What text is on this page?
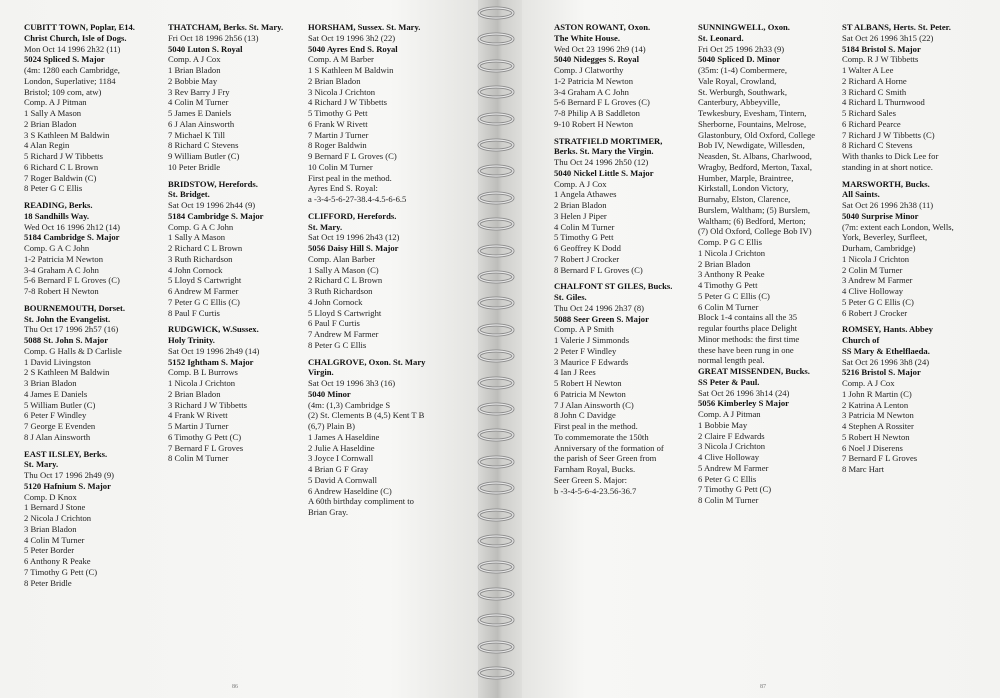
CUBITT TOWN, Poplar, E14.

Christ Church, Isle of Dogs.

Mon Oct 14 1996 2h32 (11)

5024 Spliced S. Major

(4m: 1280 each Cambridge,

London, Superlative; 1184

Bristol; 109 com, atw)

Comp. A J Pitman

1 Sally A Mason

2 Brian Bladon

3 S Kathleen M Baldwin

4 Alan Regin

5 Richard J W Tibbetts

6 Richard C L Brown

7 Roger Baldwin (C)

8 Peter G C Ellis

READING, Berks.

18 Sandhills Way.

Wed Oct 16 1996 2h12 (14)

5184 Cambridge S. Major

Comp. G A C John

1-2 Patricia M Newton

3-4 Graham A C John

5-6 Bernard F L Groves (C)

7-8 Robert H Newton

BOURNEMOUTH, Dorset.

St. John the Evangelist.

Thu Oct 17 1996 2h57 (16)

5088 St. John S. Major

Comp. G Halls & D Carlisle

1 David Livingston

2 S Kathleen M Baldwin

3 Brian Bladon

4 James E Daniels

5 William Butler (C)

6 Peter F Windley

7 George E Evenden

8 J Alan Ainsworth

EAST ILSLEY, Berks.

St. Mary.

Thu Oct 17 1996 2h49 (9)

5120 Hafnium S. Major

Comp. D Knox

1 Bernard J Stone

2 Nicola J Crichton

3 Brian Bladon

4 Colin M Turner

5 Peter Border

6 Anthony R Peake

7 Timothy G Pett (C)

8 Peter Bridle

THATCHAM, Berks. St. Mary.

Fri Oct 18 1996 2h56 (13)

5040 Luton S. Royal

Comp. A J Cox

1 Brian Bladon

2 Bobbie May

3 Rev Barry J Fry

4 Colin M Turner

5 James E Daniels

6 J Alan Ainsworth

7 Michael K Till

8 Richard C Stevens

9 William Butler (C)

10 Peter Bridle

BRIDSTOW, Herefords.

St. Bridget.

Sat Oct 19 1996 2h44 (9)

5184 Cambridge S. Major

Comp. G A C John

1 Sally A Mason

2 Richard C L Brown

3 Ruth Richardson

4 John Cornock

5 Lloyd S Cartwright

6 Andrew M Farmer

7 Peter G C Ellis (C)

8 Paul F Curtis

RUDGWICK, W.Sussex.

Holy Trinity.

Sat Oct 19 1996 2h49 (14)

5152 Ightham S. Major

Comp. B L Burrows

1 Nicola J Crichton

2 Brian Bladon

3 Richard J W Tibbetts

4 Frank W Rivett

5 Martin J Turner

6 Timothy G Pett (C)

7 Bernard F L Groves

8 Colin M Turner

HORSHAM, Sussex. St. Mary.

Sat Oct 19 1996 3h2 (22)

5040 Ayres End S. Royal

Comp. A M Barber

1 S Kathleen M Baldwin

2 Brian Bladon

3 Nicola J Crichton

4 Richard J W Tibbetts

5 Timothy G Pett

6 Frank W Rivett

7 Martin J Turner

8 Roger Baldwin

9 Bernard F L Groves (C)

10 Colin M Turner

First peal in the method.

Ayres End S. Royal:

a -3-4-5-6-27-38.4-4.5-6-6.5

CLIFFORD, Herefords.

St. Mary.

Sat Oct 19 1996 2h43 (12)

5056 Daisy Hill S. Major

Comp. Alan Barber

1 Sally A Mason (C)

2 Richard C L Brown

3 Ruth Richardson

4 John Cornock

5 Lloyd S Cartwright

6 Paul F Curtis

7 Andrew M Farmer

8 Peter G C Ellis

CHALGROVE, Oxon. St. Mary

Virgin.

Sat Oct 19 1996 3h3 (16)

5040 Minor

(4m: (1,3) Cambridge S

(2) St. Clements B (4,5) Kent T B

(6,7) Plain B)

1 James A Haseldine

2 Julie A Haseldine

3 Joyce I Cornwall

4 Brian G F Gray

5 David A Cornwall

6 Andrew Haseldine (C)

A 60th birthday compliment to

Brian Gray.

86

ASTON ROWANT, Oxon.

The White House.

Wed Oct 23 1996 2h9 (14)

5040 Nidegges S. Royal

Comp. J Clatworthy

1-2 Patricia M Newton

3-4 Graham A C John

5-6 Bernard F L Groves (C)

7-8 Philip A B Saddleton

9-10 Robert H Newton

STRATFIELD MORTIMER,

Berks. St. Mary the Virgin.

Thu Oct 24 1996 2h50 (12)

5040 Nickel Little S. Major

Comp. A J Cox

1 Angela Athawes

2 Brian Bladon

3 Helen J Piper

4 Colin M Turner

5 Timothy G Pett

6 Geoffrey K Dodd

7 Robert J Crocker

8 Bernard F L Groves (C)

CHALFONT ST GILES, Bucks.

St. Giles.

Thu Oct 24 1996 2h37 (8)

5088 Seer Green S. Major

Comp. A P Smith

1 Valerie J Simmonds

2 Peter F Windley

3 Maurice F Edwards

4 Ian J Rees

5 Robert H Newton

6 Patricia M Newton

7 J Alan Ainsworth (C)

8 John C Davidge

First peal in the method.

To commemorate the 150th

Anniversary of the formation of

the parish of Seer Green from

Farnham Royal, Bucks.

Seer Green S. Major:

b -3-4-5-6-4-23.56-36.7

SUNNINGWELL, Oxon.

St. Leonard.

Fri Oct 25 1996 2h33 (9)

5040 Spliced D. Minor

(35m: (1-4) Combermere,

Vale Royal, Crowland,

St. Werburgh, Southwark,

Canterbury, Abbeyville,

Tewkesbury, Evesham, Tintern,

Sherborne, Fountains, Melrose,

Glastonbury, Old Oxford, College

Bob IV, Newdigate, Willesden,

Neasden, St. Albans, Charlwood,

Wragby, Bedford, Merton, Taxal,

Humber, Marple, Braintree,

Kirkstall, London Victory,

Burnaby, Elston, Clarence,

Burslem, Waltham; (5) Burslem,

Waltham; (6) Bedford, Merton;

(7) Old Oxford, College Bob IV)

Comp. P G C Ellis

1 Nicola J Crichton

2 Brian Bladon

3 Anthony R Peake

4 Timothy G Pett

5 Peter G C Ellis (C)

6 Colin M Turner

Block 1-4 contains all the 35

regular fourths place Delight

Minor methods: the first time

these have been rung in one

normal length peal.

GREAT MISSENDEN, Bucks.

SS Peter & Paul.

Sat Oct 26 1996 3h14 (24)

5056 Kimberley S Major

Comp. A J Pitman

1 Bobbie May

2 Claire F Edwards

3 Nicola J Crichton

4 Clive Holloway

5 Andrew M Farmer

6 Peter G C Ellis

7 Timothy G Pett (C)

8 Colin M Turner

ST ALBANS, Herts. St. Peter.

Sat Oct 26 1996 3h15 (22)

5184 Bristol S. Major

Comp. R J W Tibbetts

1 Walter A Lee

2 Richard A Horne

3 Richard C Smith

4 Richard L Thurnwood

5 Richard Sales

6 Richard Pearce

7 Richard J W Tibbetts (C)

8 Richard C Stevens

With thanks to Dick Lee for

standing in at short notice.

MARSWORTH, Bucks.

All Saints.

Sat Oct 26 1996 2h38 (11)

5040 Surprise Minor

(7m: extent each London, Wells,

York, Beverley, Surfleet,

Durham, Cambridge)

1 Nicola J Crichton

2 Colin M Turner

3 Andrew M Farmer

4 Clive Holloway

5 Peter G C Ellis (C)

6 Robert J Crocker

ROMSEY, Hants. Abbey

Church of

SS Mary & Ethelflaeda.

Sat Oct 26 1996 3h8 (24)

5216 Bristol S. Major

Comp. A J Cox

1 John R Martin (C)

2 Katrina A Lenton

3 Patricia M Newton

4 Stephen A Rossiter

5 Robert H Newton

6 Noel J Diserens

7 Bernard F L Groves

8 Marc Hart

87
